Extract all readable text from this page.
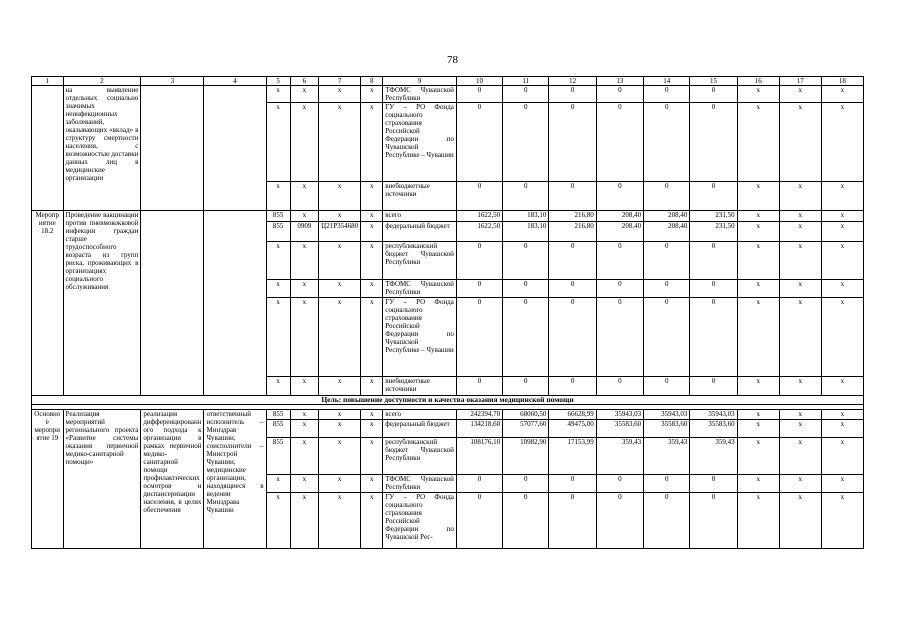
78
1	2	3	4	5	6	7	8	9	10	11	12	13	14	15	16	17	18
	на выявление отдельных социально значимых неинфекционных заболеваний, оказывающих «вклад» в структуру смертности населения, с возможностью доставки данных лиц в медицинские организации			x	x	x	x	ТФОМС Чувашской Республики	0	0	0	0	0	0	x	x	x
				x	x	x	x	ГУ – РО Фонда социального страхования Российской Федерации по Чувашской Республике – Чувашии	0	0	0	0	0	0	x	x	x
				x	x	x	x	внебюджетные источники	0	0	0	0	0	0	x	x	x
Мероприятие 18.2	Проведение вакцинации против пневмококковой инфекции граждан старше трудоспособного возраста из групп риска, проживающих в организациях социального обслуживания			855	x	x	x	всего	1622,50	183,10	216,80	208,40	208,40	231,50	x	x	x
				855	0909	Ц21Р354680	x	федеральный бюджет	1622,50	183,10	216,80	208,40	208,40	231,50	x	x	x
				x	x	x	x	республиканский бюджет Чувашской Республики	0	0	0	0	0	0	x	x	x
				x	x	x	x	ТФОМС Чувашской Республики	0	0	0	0	0	0	x	x	x
				x	x	x	x	ГУ – РО Фонда социального страхования Российской Федерации по Чувашской Республике – Чувашии	0	0	0	0	0	0	x	x	x
				x	x	x	x	внебюджетные источники	0	0	0	0	0	0	x	x	x
Цель: повышение доступности и качества оказания медицинской помощи																	

Основное мероприятие 19	Реализация мероприятий регионального проекта «Развитие системы оказания первичной медико-санитарной помощи»	реализация дифференцированного подхода к организации в рамках первичной медико-санитарной помощи профилактических осмотров и диспансеризации населения, в целях обеспечения	ответственный исполнитель – Минздрав Чувашии, соисполнители – Минстрой Чувашии, медицинские организации, находящиеся в ведении Минздрава Чувашии	855	x	x	x	всего	242394,70	68060,50	66628,99	35943,03	35943,03	35943,03	x	x	x
				855	x	x	x	федеральный бюджет	134218,60	57077,60	49475,00	35583,60	35583,60	35583,60	x	x	x
				855	x	x	x	республиканский бюджет Чувашской Республики	108176,10	10982,90	17153,99	359,43	359,43	359,43	x	x	x
				x	x	x	x	ТФОМС Чувашской Республики	0	0	0	0	0	0	x	x	x
				x	x	x	x	ГУ – РО Фонда социального страхования Российской Федерации по Чувашской Рес-	0	0	0	0	0	0	x	x	x
